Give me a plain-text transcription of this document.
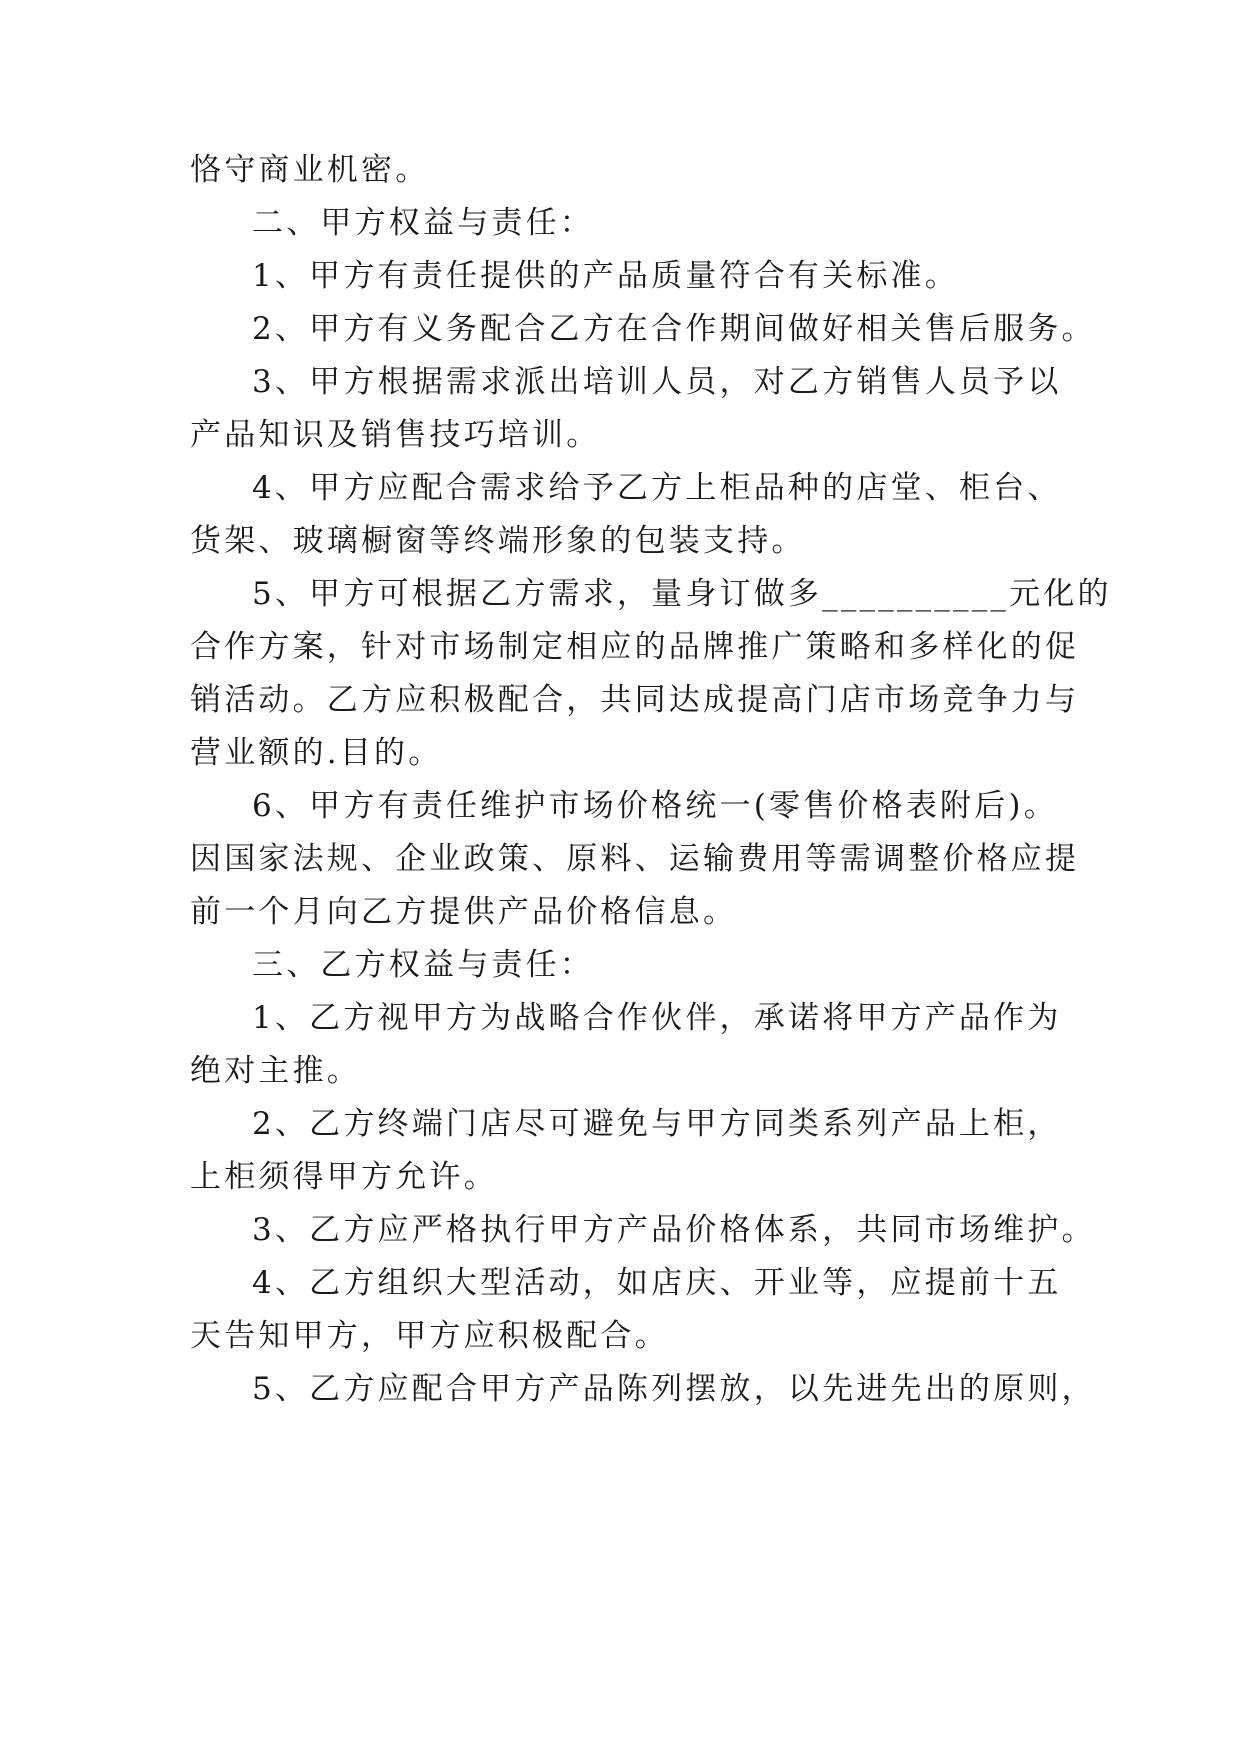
恪守商业机密。
二、甲方权益与责任：
1、甲方有责任提供的产品质量符合有关标准。
2、甲方有义务配合乙方在合作期间做好相关售后服务。
3、甲方根据需求派出培训人员，对乙方销售人员予以
产品知识及销售技巧培训。
4、甲方应配合需求给予乙方上柜品种的店堂、柜台、
货架、玻璃橱窗等终端形象的包装支持。
5、甲方可根据乙方需求，量身订做多__________元化的
合作方案，针对市场制定相应的品牌推广策略和多样化的促
销活动。乙方应积极配合，共同达成提高门店市场竞争力与
营业额的.目的。
6、甲方有责任维护市场价格统一(零售价格表附后)。
因国家法规、企业政策、原料、运输费用等需调整价格应提
前一个月向乙方提供产品价格信息。
三、乙方权益与责任：
1、乙方视甲方为战略合作伙伴，承诺将甲方产品作为
绝对主推。
2、乙方终端门店尽可避免与甲方同类系列产品上柜，
上柜须得甲方允许。
3、乙方应严格执行甲方产品价格体系，共同市场维护。
4、乙方组织大型活动，如店庆、开业等，应提前十五
天告知甲方，甲方应积极配合。
5、乙方应配合甲方产品陈列摆放，以先进先出的原则，
